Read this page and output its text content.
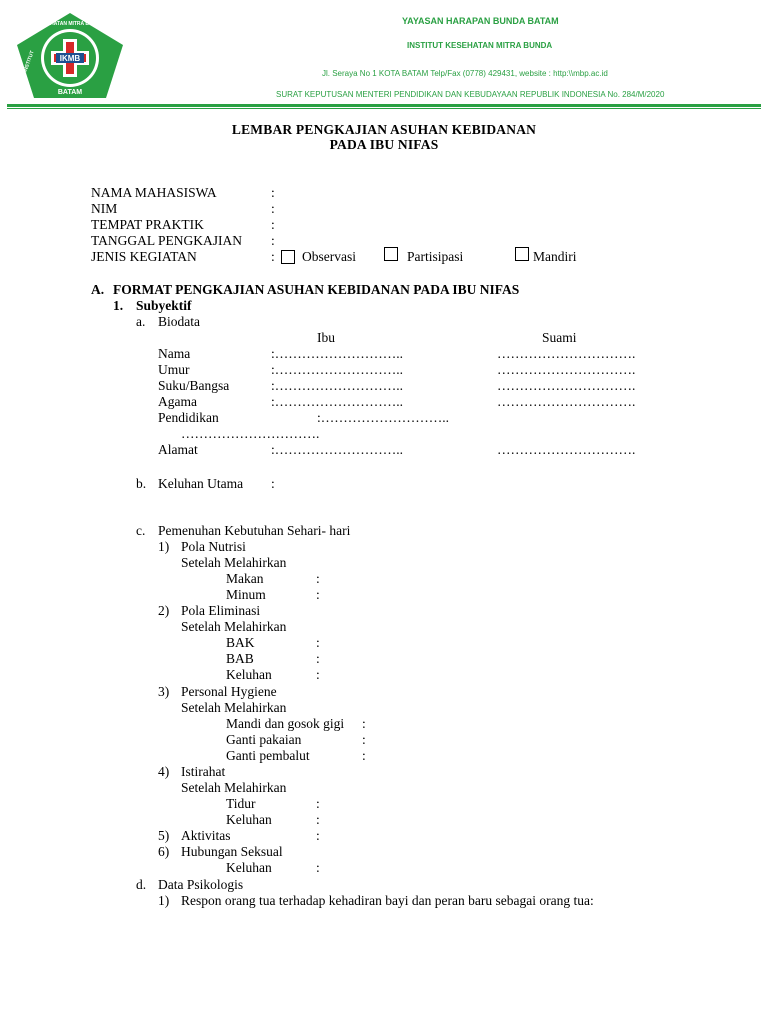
IKMB
KESEHATAN MITRA BUNDA
INSTITUT
BATAM
YAYASAN HARAPAN BUNDA BATAM
INSTITUT KESEHATAN MITRA BUNDA
Jl. Seraya No 1 KOTA BATAM Telp/Fax (0778) 429431, website : http:\\mbp.ac.id
SURAT KEPUTUSAN MENTERI PENDIDIKAN DAN KEBUDAYAAN REPUBLIK INDONESIA No. 284/M/2020
LEMBAR PENGKAJIAN ASUHAN KEBIDANAN
PADA IBU NIFAS
NAMA MAHASISWA	:
NIM	:
TEMPAT PRAKTIK	:
TANGGAL PENGKAJIAN :
JENIS KEGIATAN	: Observasi	Partisipasi	Mandiri
A. FORMAT PENGKAJIAN ASUHAN KEBIDANAN PADA IBU NIFAS
1. Subyektif
a. Biodata
Ibu	Suami
Nama	:………………………..	………………………….
Umur	:………………………..	………………………….
Suku/Bangsa	:………………………..	………………………….
Agama	:………………………..	………………………….
Pendidikan	:………………………..
………………………….
Alamat	:………………………..	………………………….
b. Keluhan Utama :
c. Pemenuhan Kebutuhan Sehari- hari
1) Pola Nutrisi
Setelah Melahirkan
Makan	:
Minum	:
2) Pola Eliminasi
Setelah Melahirkan
BAK	:
BAB	:
Keluhan	:
3) Personal Hygiene
Setelah Melahirkan
Mandi dan gosok gigi :
Ganti pakaian	:
Ganti pembalut	:
4) Istirahat
Setelah Melahirkan
Tidur	:
Keluhan	:
5) Aktivitas	:
6) Hubungan Seksual
Keluhan	:
d. Data Psikologis
1) Respon orang tua terhadap kehadiran bayi dan peran baru sebagai orang tua:
